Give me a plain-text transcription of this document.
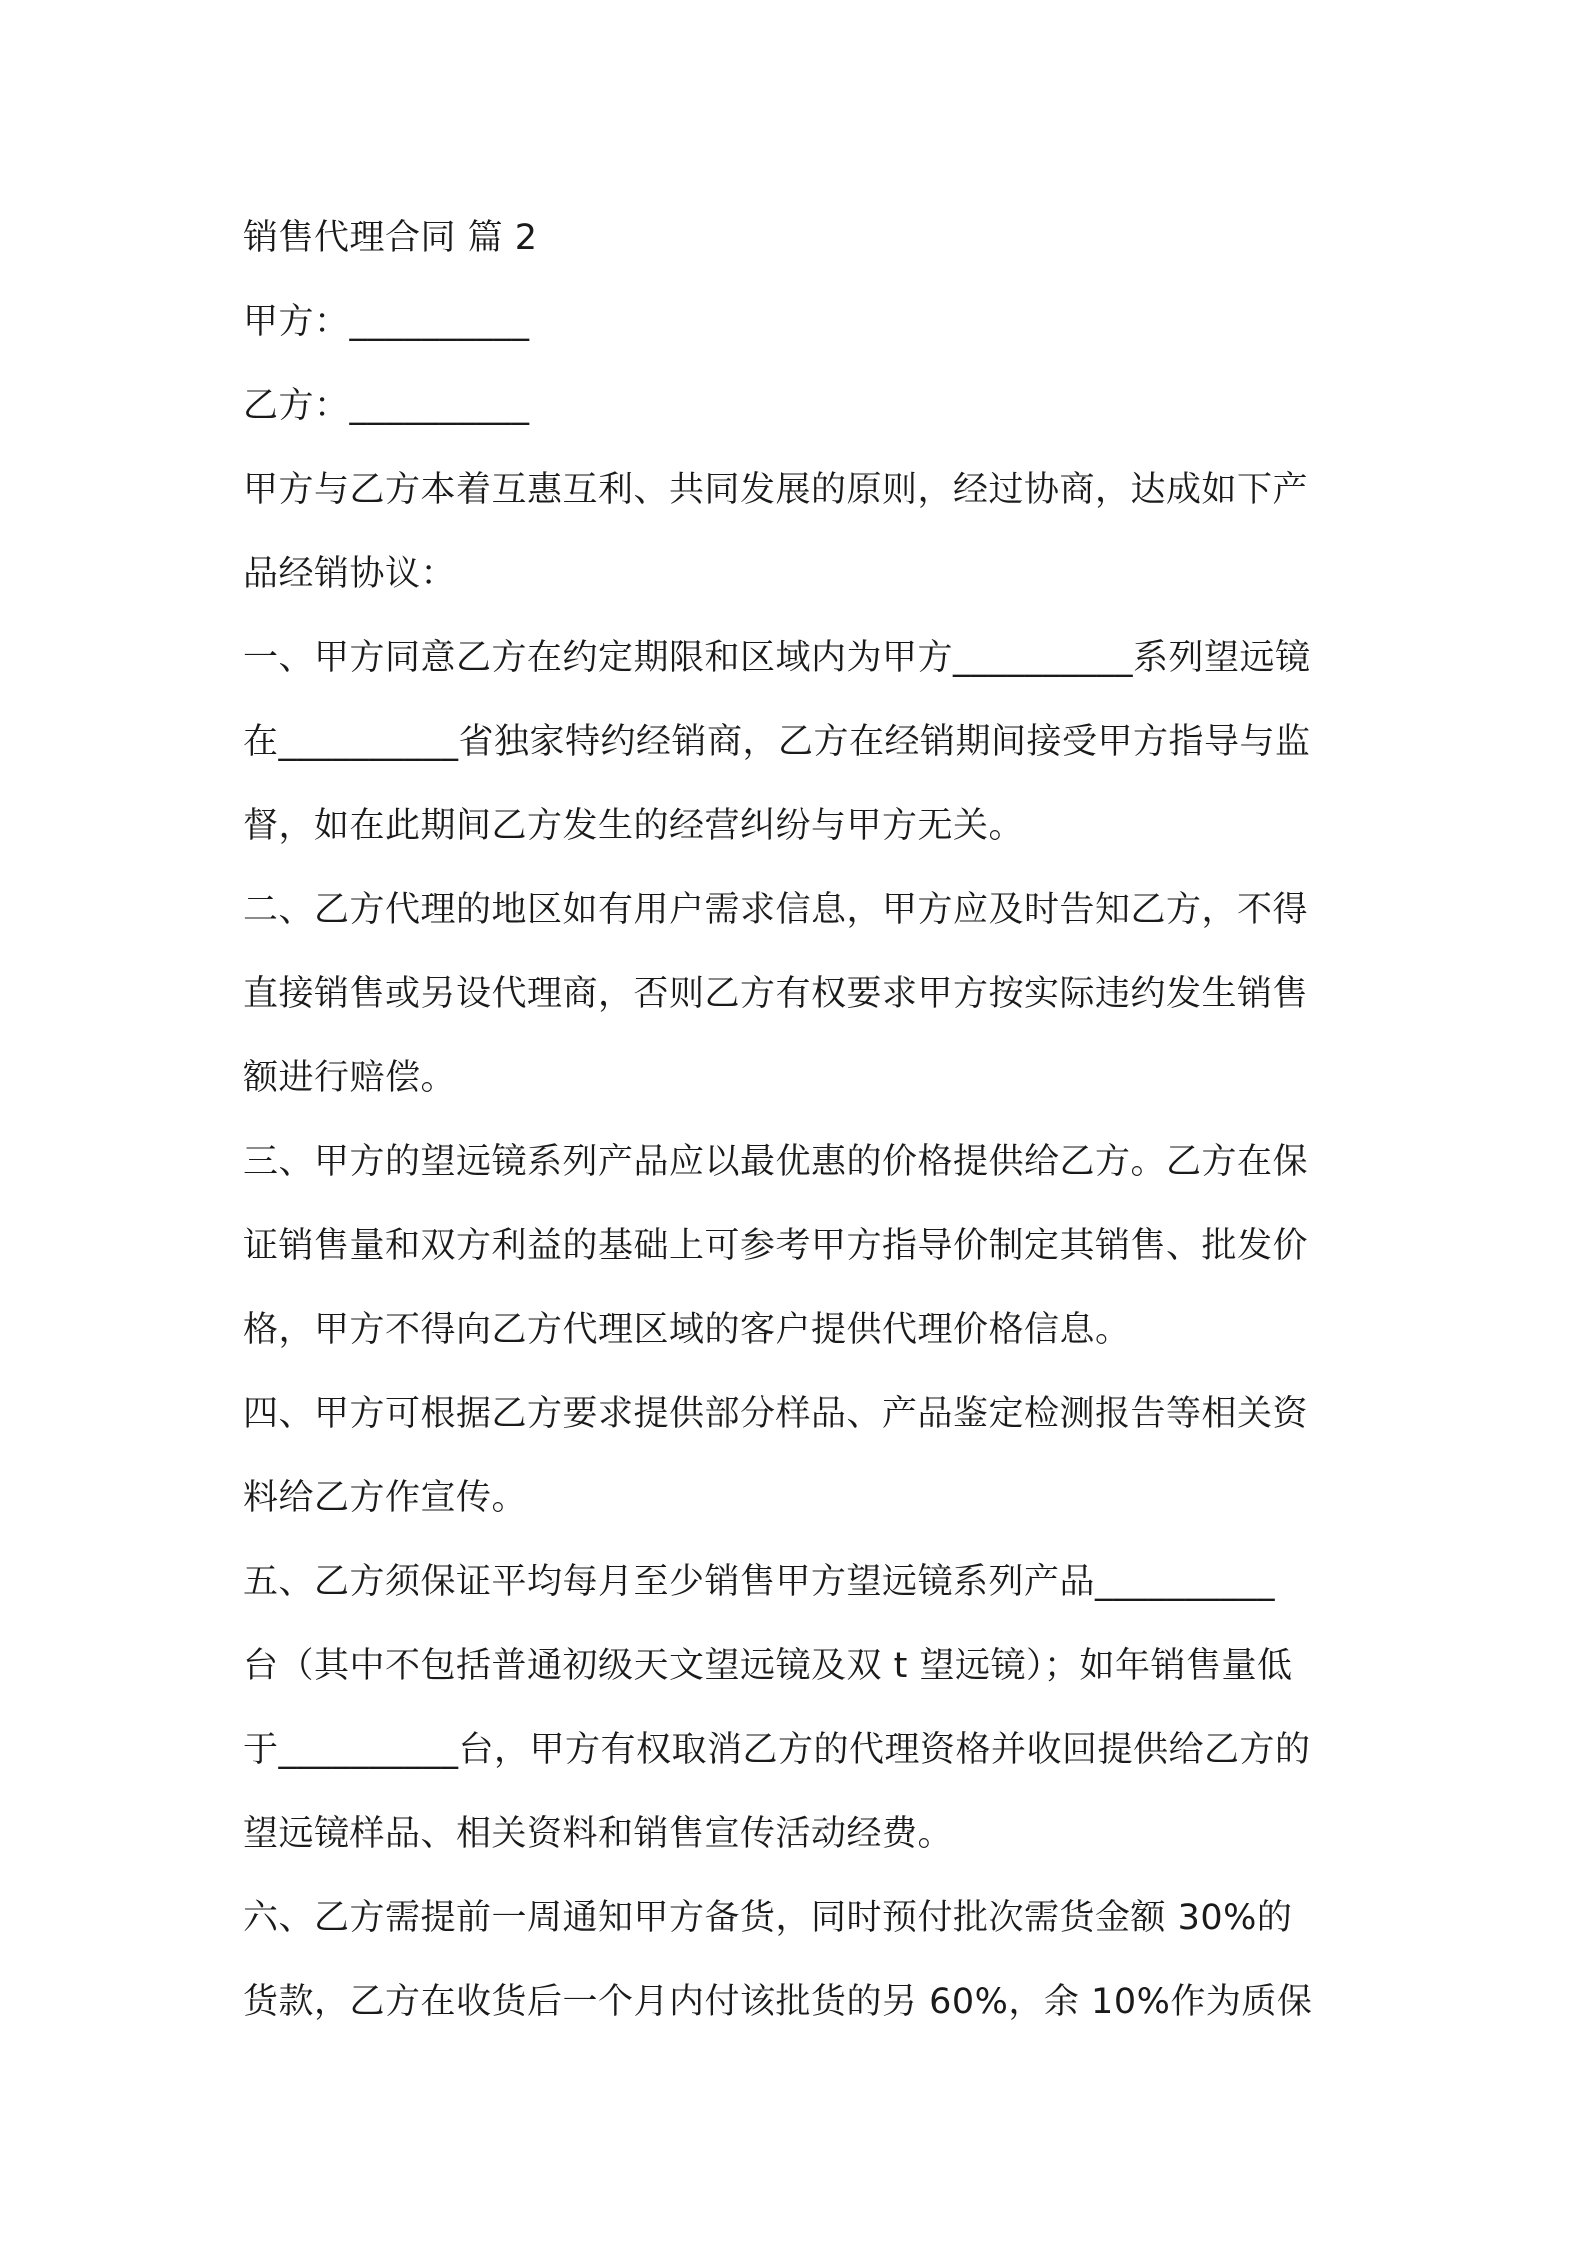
销售代理合同 篇 2
甲方：__________
乙方：__________
甲方与乙方本着互惠互利、共同发展的原则，经过协商，达成如下产
品经销协议：
一、甲方同意乙方在约定期限和区域内为甲方__________系列望远镜
在__________省独家特约经销商，乙方在经销期间接受甲方指导与监
督，如在此期间乙方发生的经营纠纷与甲方无关。
二、乙方代理的地区如有用户需求信息，甲方应及时告知乙方，不得
直接销售或另设代理商，否则乙方有权要求甲方按实际违约发生销售
额进行赔偿。
三、甲方的望远镜系列产品应以最优惠的价格提供给乙方。乙方在保
证销售量和双方利益的基础上可参考甲方指导价制定其销售、批发价
格，甲方不得向乙方代理区域的客户提供代理价格信息。
四、甲方可根据乙方要求提供部分样品、产品鉴定检测报告等相关资
料给乙方作宣传。
五、乙方须保证平均每月至少销售甲方望远镜系列产品__________
台（其中不包括普通初级天文望远镜及双 t 望远镜）；如年销售量低
于__________台，甲方有权取消乙方的代理资格并收回提供给乙方的
望远镜样品、相关资料和销售宣传活动经费。
六、乙方需提前一周通知甲方备货，同时预付批次需货金额 30%的
货款，乙方在收货后一个月内付该批货的另 60%，余 10%作为质保
